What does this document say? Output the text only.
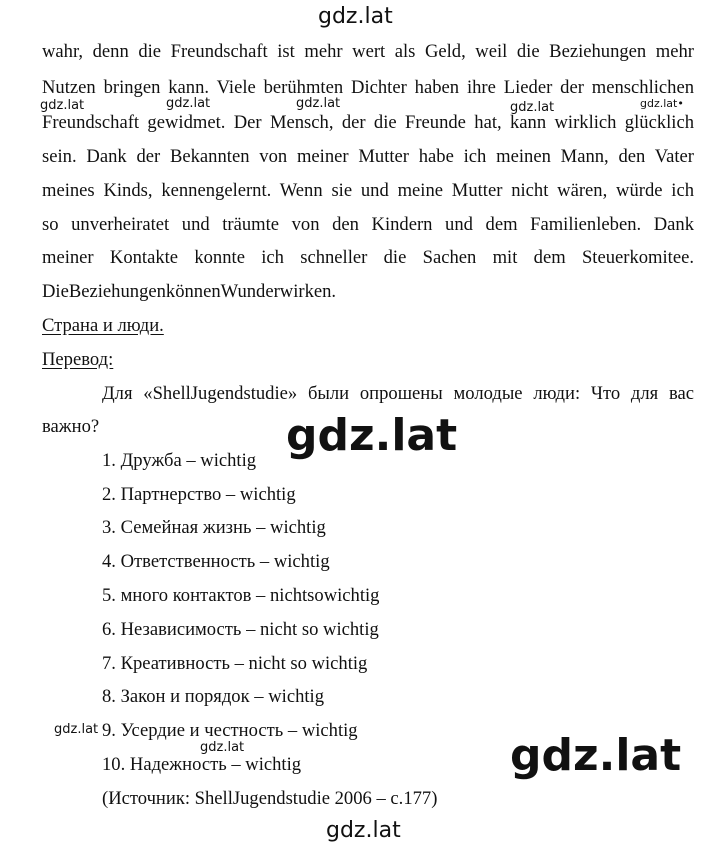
gdz.lat
gdz.lat	gdz.lat	gdz.lat	gdz.lat	gdz.lat•
gdz.lat
gdz.lat
gdz.lat
gdz.lat
gdz.lat
wahr, denn die Freundschaft ist mehr wert als Geld, weil die Beziehungen mehr
Nutzen bringen kann. Viele berühmten Dichter haben ihre Lieder der menschlichen
Freundschaft gewidmet. Der Mensch, der die Freunde hat, kann wirklich glücklich
sein. Dank der Bekannten von meiner Mutter habe ich meinen Mann, den Vater
meines Kinds, kennengelernt. Wenn sie und meine Mutter nicht wären, würde ich
so unverheiratet und träumte von den Kindern und dem Familienleben. Dank
meiner Kontakte konnte ich schneller die Sachen mit dem Steuerkomitee.
DieBeziehungenkönnenWunderwirken.
Страна и люди.
Перевод:
Для «ShellJugendstudie» были опрошены молодые люди: Что для вас
важно?
1. Дружба – wichtig
2. Партнерство – wichtig
3. Семейная жизнь – wichtig
4. Ответственность – wichtig
5. много контактов – nichtsowichtig
6. Независимость – nicht so wichtig
7. Креативность – nicht so wichtig
8. Закон и порядок – wichtig
9. Усердие и честность – wichtig
10. Надежность – wichtig
(Источник: ShellJugendstudie 2006 – с.177)
